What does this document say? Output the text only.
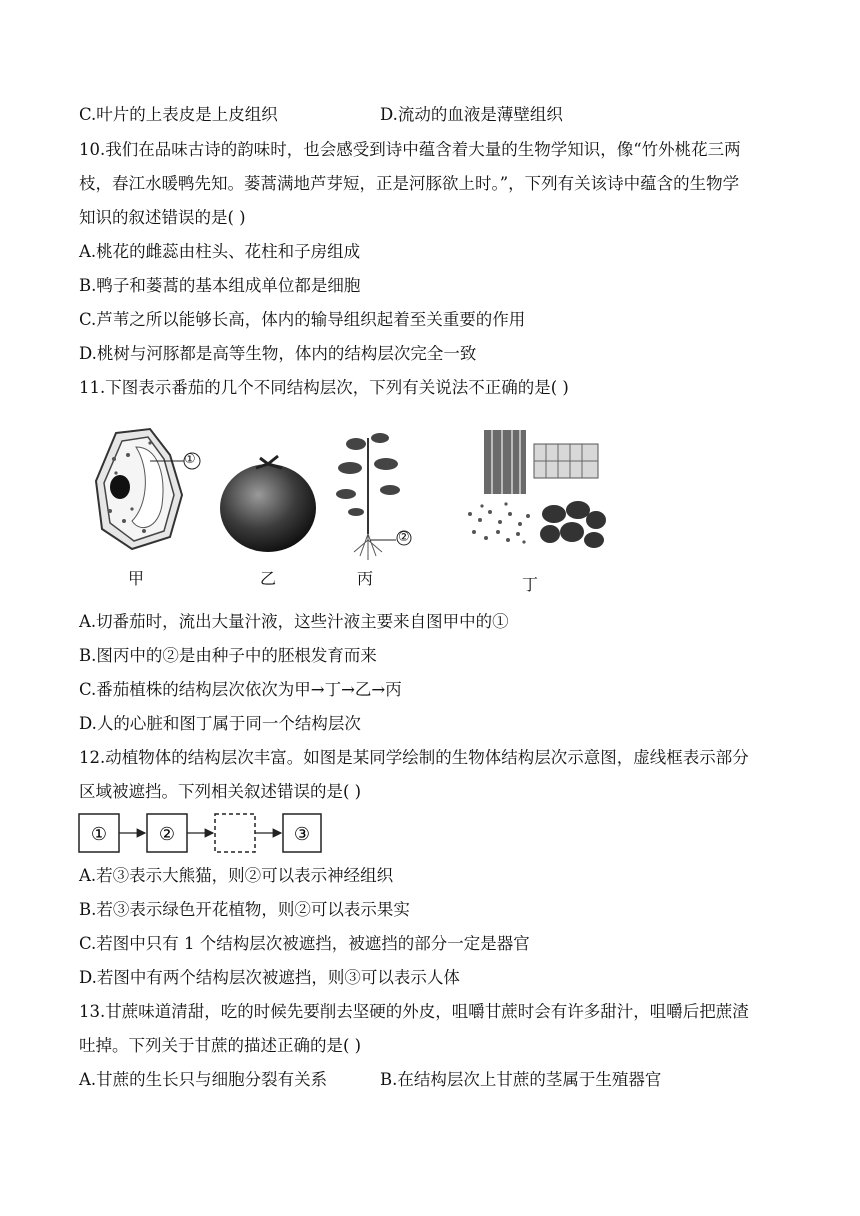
C.叶片的上表皮是上皮组织	D.流动的血液是薄壁组织
10.我们在品味古诗的韵味时，也会感受到诗中蕴含着大量的生物学知识，像“竹外桃花三两
枝，春江水暖鸭先知。蒌蒿满地芦芽短，正是河豚欲上时。”，下列有关该诗中蕴含的生物学
知识的叙述错误的是( )
A.桃花的雌蕊由柱头、花柱和子房组成
B.鸭子和蒌蒿的基本组成单位都是细胞
C.芦苇之所以能够长高，体内的输导组织起着至关重要的作用
D.桃树与河豚都是高等生物，体内的结构层次完全一致
11.下图表示番茄的几个不同结构层次，下列有关说法不正确的是( )
①
②
甲	乙	丙	丁
A.切番茄时，流出大量汁液，这些汁液主要来自图甲中的①
B.图丙中的②是由种子中的胚根发育而来
C.番茄植株的结构层次依次为甲→丁→乙→丙
D.人的心脏和图丁属于同一个结构层次
12.动植物体的结构层次丰富。如图是某同学绘制的生物体结构层次示意图，虚线框表示部分
区域被遮挡。下列相关叙述错误的是( )
①	②	③
A.若③表示大熊猫，则②可以表示神经组织
B.若③表示绿色开花植物，则②可以表示果实
C.若图中只有 1 个结构层次被遮挡，被遮挡的部分一定是器官
D.若图中有两个结构层次被遮挡，则③可以表示人体
13.甘蔗味道清甜，吃的时候先要削去坚硬的外皮，咀嚼甘蔗时会有许多甜汁，咀嚼后把蔗渣
吐掉。下列关于甘蔗的描述正确的是( )
A.甘蔗的生长只与细胞分裂有关系	B.在结构层次上甘蔗的茎属于生殖器官
